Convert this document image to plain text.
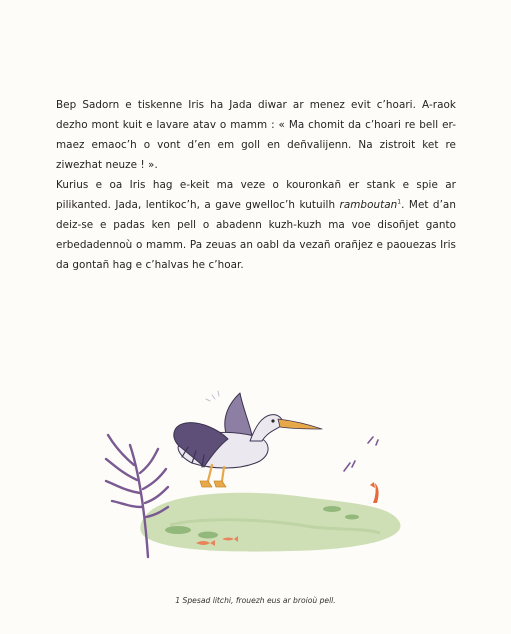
Bep Sadorn e tiskenne Iris ha Jada diwar ar menez evit c’hoari. A-raok dezho mont kuit e lavare atav o mamm : « Ma chomit da c’hoari re bell er-maez emaoc’h o vont d’en em goll en deñvalijenn. Na zistroit ket re ziwezhat neuze ! ».

Kurius e oa Iris hag e-keit ma veze o kouronkañ er stank e spie ar pilikanted. Jada, lentikoc’h, a gave gwelloc’h kutuilh ramboutan$^1$. Met d’an deiz-se e padas ken pell o abadenn kuzh-kuzh ma voe disoñjet ganto erbedadennoù o mamm. Pa zeuas an oabl da vezañ orañjez e paouezas Iris da gontañ hag e c’halvas he c’hoar.

1 Spesad litchi, frouezh eus ar broioù pell.
